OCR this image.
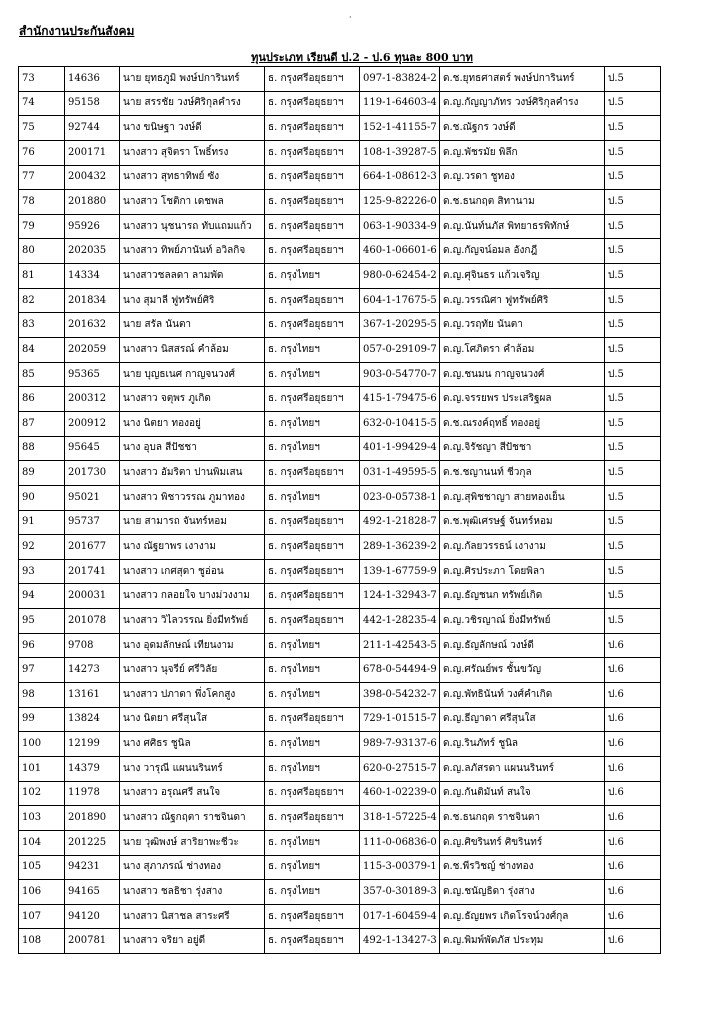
·
สำนักงานประกันสังคม
ทุนประเภท เรียนดี ป.2 - ป.6 ทุนละ 800 บาท
73	14636	นาย ยุทธภูมิ พงษ์ปการินทร์	ธ. กรุงศรีอยุธยาฯ	097-1-83824-2	ด.ช.ยุทธศาสตร์ พงษ์ปการินทร์	ป.5
74	95158	นาย สรรชัย วงษ์ศิริกุลคำรง	ธ. กรุงศรีอยุธยาฯ	119-1-64603-4	ด.ญ.กัญญาภัทร วงษ์ศิริกุลคำรง	ป.5
75	92744	นาง ขนิษฐา วงษ์ดี	ธ. กรุงศรีอยุธยาฯ	152-1-41155-7	ด.ช.ณัฐกร วงษ์ดี	ป.5
76	200171	นางสาว สุจิตรา โพธิ์ทรง	ธ. กรุงศรีอยุธยาฯ	108-1-39287-5	ด.ญ.พัชรมัย พิลึก	ป.5
77	200432	นางสาว สุทธาทิพย์ ซัง	ธ. กรุงศรีอยุธยาฯ	664-1-08612-3	ด.ญ.วรดา ชูทอง	ป.5
78	201880	นางสาว โชติกา เดชพล	ธ. กรุงศรีอยุธยาฯ	125-9-82226-0	ด.ช.ธนกฤต สิทานาม	ป.5
79	95926	นางสาว นุชนารถ ทับแถมแก้ว	ธ. กรุงศรีอยุธยาฯ	063-1-90334-9	ด.ญ.นันท์นภัส พิทยาธรพิทักษ์	ป.5
80	202035	นางสาว ทิพย์ภานันท์ อวิลกิจ	ธ. กรุงศรีอยุธยาฯ	460-1-06601-6	ด.ญ.กัญจน์อมล อังกฎี	ป.5
81	14334	นางสาวชลลดา ลามพัด	ธ. กรุงไทยฯ	980-0-62454-2	ด.ญ.ศุจินธร แก้วเจริญ	ป.5
82	201834	นาง สุมาลี ฟูทรัพย์ศิริ	ธ. กรุงศรีอยุธยาฯ	604-1-17675-5	ด.ญ.วรรณิศา ฟูทรัพย์ศิริ	ป.5
83	201632	นาย สรัล นันตา	ธ. กรุงศรีอยุธยาฯ	367-1-20295-5	ด.ญ.วรฤทัย นันตา	ป.5
84	202059	นางสาว นิสสรณ์ คำล้อม	ธ. กรุงไทยฯ	057-0-29109-7	ด.ญ.โศภิตรา คำล้อม	ป.5
85	95365	นาย บุญธเนศ กาญจนวงศ์	ธ. กรุงไทยฯ	903-0-54770-7	ด.ญ.ชนมน กาญจนวงศ์	ป.5
86	200312	นางสาว จตุพร ภูเกิด	ธ. กรุงศรีอยุธยาฯ	415-1-79475-6	ด.ญ.จรรยพร ประเสริฐผล	ป.5
87	200912	นาง นิตยา ทองอยู่	ธ. กรุงไทยฯ	632-0-10415-5	ด.ช.ณรงค์ฤทธิ์ ทองอยู่	ป.5
88	95645	นาง อุบล สีปัชชา	ธ. กรุงไทยฯ	401-1-99429-4	ด.ญ.จิรัชญา สีปัชชา	ป.5
89	201730	นางสาว อัมริตา ปานพิมเสน	ธ. กรุงศรีอยุธยาฯ	031-1-49595-5	ด.ช.ชญานนท์ ชีวกุล	ป.5
90	95021	นางสาว พิชาวรรณ ภูมาทอง	ธ. กรุงไทยฯ	023-0-05738-1	ด.ญ.สุพิชชาญา สายทองเย็น	ป.5
91	95737	นาย สามารถ จันทร์หอม	ธ. กรุงศรีอยุธยาฯ	492-1-21828-7	ด.ช.พุฒิเศรษฐ์ จันทร์หอม	ป.5
92	201677	นาง ณัฐยาพร เงางาม	ธ. กรุงศรีอยุธยาฯ	289-1-36239-2	ด.ญ.กัลยวรรธน์ เงางาม	ป.5
93	201741	นางสาว เกศสุดา ชูอ่อน	ธ. กรุงศรีอยุธยาฯ	139-1-67759-9	ด.ญ.ศิรประภา โดยพิลา	ป.5
94	200031	นางสาว กลอยใจ บางม่วงงาม	ธ. กรุงศรีอยุธยาฯ	124-1-32943-7	ด.ญ.ธัญชนก ทรัพย์เกิด	ป.5
95	201078	นางสาว วิไลวรรณ ยิ่งมีทรัพย์	ธ. กรุงศรีอยุธยาฯ	442-1-28235-4	ด.ญ.วชิรญาณ์ ยิ่งมีทรัพย์	ป.5
96	9708	นาง อุดมลักษณ์ เทียนงาม	ธ. กรุงไทยฯ	211-1-42543-5	ด.ญ.ธัญลักษณ์ วงษ์ดี	ป.6
97	14273	นางสาว นุจรีย์ ศรีวิลัย	ธ. กรุงไทยฯ	678-0-54494-9	ด.ญ.ศรัณย์พร ชั้นขวัญ	ป.6
98	13161	นางสาว ปภาดา พึ่งโคกสูง	ธ. กรุงไทยฯ	398-0-54232-7	ด.ญ.พัทธินันท์ วงศ์คำเกิด	ป.6
99	13824	นาง นิตยา ศรีสุนใส	ธ. กรุงศรีอยุธยาฯ	729-1-01515-7	ด.ญ.ธีญาดา ศรีสุนใส	ป.6
100	12199	นาง ศศิธร ชูนิล	ธ. กรุงไทยฯ	989-7-93137-6	ด.ญ.รินภัทร์ ชูนิล	ป.6
101	14379	นาง วารุณี แผนนรินทร์	ธ. กรุงไทยฯ	620-0-27515-7	ด.ญ.ลภัสรดา แผนนรินทร์	ป.6
102	11978	นางสาว อรุณศรี สนใจ	ธ. กรุงศรีอยุธยาฯ	460-1-02239-0	ด.ญ.กันติมันท์ สนใจ	ป.6
103	201890	นางสาว ณัฐกฤตา ราชจินดา	ธ. กรุงศรีอยุธยาฯ	318-1-57225-4	ด.ช.ธนกฤต ราชจินดา	ป.6
104	201225	นาย วุฒิพงษ์ สาริยาพะชีวะ	ธ. กรุงไทยฯ	111-0-06836-0	ด.ญ.ศิขรินทร์ ศิขรินทร์	ป.6
105	94231	นาง สุภาภรณ์ ช่างทอง	ธ. กรุงไทยฯ	115-3-00379-1	ด.ช.พีรวิชญ์ ช่างทอง	ป.6
106	94165	นางสาว ชลธิชา รุ่งสาง	ธ. กรุงไทยฯ	357-0-30189-3	ด.ญ.ชนัญธิดา รุ่งสาง	ป.6
107	94120	นางสาว นิสาชล สาระศรี	ธ. กรุงศรีอยุธยาฯ	017-1-60459-4	ด.ญ.ธัญยพร เกิดโรจน์วงศ์กุล	ป.6
108	200781	นางสาว จริยา อยู่ดี	ธ. กรุงศรีอยุธยาฯ	492-1-13427-3	ด.ญ.พิมพ์พัดภัส ประทุม	ป.6
